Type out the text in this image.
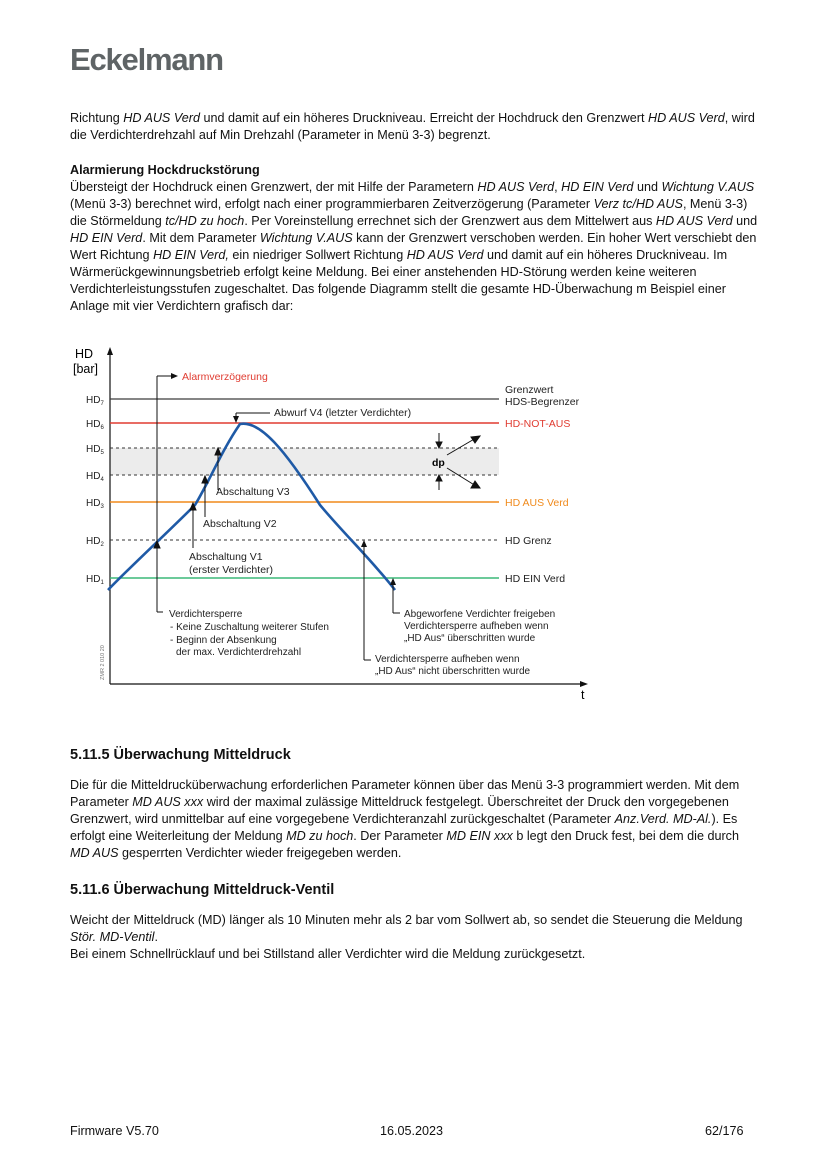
Eckelmann

Richtung HD AUS Verd und damit auf ein höheres Druckniveau. Erreicht der Hochdruck den Grenzwert HD AUS Verd, wird die Verdichterdrehzahl auf Min Drehzahl (Parameter in Menü 3-3) begrenzt.

Alarmierung Hockdruckstörung
Übersteigt der Hochdruck einen Grenzwert, der mit Hilfe der Parametern HD AUS Verd, HD EIN Verd und Wichtung V.AUS (Menü 3-3) berechnet wird, erfolgt nach einer programmierbaren Zeitverzögerung (Parameter Verz tc/HD AUS, Menü 3-3) die Störmeldung tc/HD zu hoch. Per Voreinstellung errechnet sich der Grenzwert aus dem Mittelwert aus HD AUS Verd und HD EIN Verd. Mit dem Parameter Wichtung V.AUS kann der Grenzwert verschoben werden. Ein hoher Wert verschiebt den Wert Richtung HD EIN Verd, ein niedriger Sollwert Richtung HD AUS Verd und damit auf ein höheres Druckniveau. Im Wärmerückgewinnungsbetrieb erfolgt keine Meldung. Bei einer anstehenden HD-Störung werden keine weiteren Verdichterleistungsstufen zugeschaltet. Das folgende Diagramm stellt die gesamte HD-Überwachung m Beispiel einer Anlage mit vier Verdichtern grafisch dar:
HD
[bar]
t
$HD_7$
$HD_6$
$HD_5$
$HD_4$
$HD_3$
$HD_2$
$HD_1$
Grenzwert
HDS-Begrenzer
HD-NOT-AUS
HD AUS Verd
HD Grenz
HD EIN Verd
dp
Alarmverzögerung
Verdichtersperre
- Keine Zuschaltung weiterer Stufen
- Beginn der Absenkung
der max. Verdichterdrehzahl
Abschaltung V3
Abschaltung V2
Abschaltung V1
(erster Verdichter)
Abwurf V4 (letzter Verdichter)
Verdichtersperre aufheben wenn
„HD Aus“ nicht überschritten wurde
Abgeworfene Verdichter freigeben
Verdichtersperre aufheben wenn
„HD Aus“ überschritten wurde
ZMR 2 010 20
5.11.5 Überwachung Mitteldruck

Die für die Mitteldrucküberwachung erforderlichen Parameter können über das Menü 3-3 programmiert werden. Mit dem Parameter MD AUS xxx wird der maximal zulässige Mitteldruck festgelegt. Überschreitet der Druck den vorgegebenen Grenzwert, wird unmittelbar auf eine vorgegebene Verdichteranzahl zurückgeschaltet (Parameter Anz.Verd. MD-Al.). Es erfolgt eine Weiterleitung der Meldung MD zu hoch. Der Parameter MD EIN xxx b legt den Druck fest, bei dem die durch MD AUS gesperrten Verdichter wieder freigegeben werden.

5.11.6 Überwachung Mitteldruck-Ventil

Weicht der Mitteldruck (MD) länger als 10 Minuten mehr als 2 bar vom Sollwert ab, so sendet die Steuerung die Meldung Stör. MD-Ventil.
Bei einem Schnellrücklauf und bei Stillstand aller Verdichter wird die Meldung zurückgesetzt.

Firmware V5.70	16.05.2023	62/176
